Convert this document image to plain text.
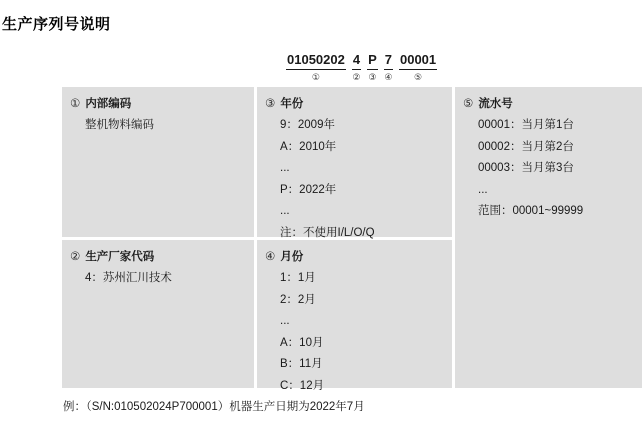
生产序列号说明
01050202
①
4
②
P
③
7
④
00001
⑤
① 内部编码
整机物料编码
② 生产厂家代码
4：苏州汇川技术
③ 年份
9：2009年
A：2010年
...
P：2022年
...
注：不使用I/L/O/Q
④ 月份
1：1月
2：2月
...
A：10月
B：11月
C：12月
⑤ 流水号
00001：当月第1台
00002：当月第2台
00003：当月第3台
...
范围：00001~99999
例：（S/N:010502024P700001）机器生产日期为2022年7月
